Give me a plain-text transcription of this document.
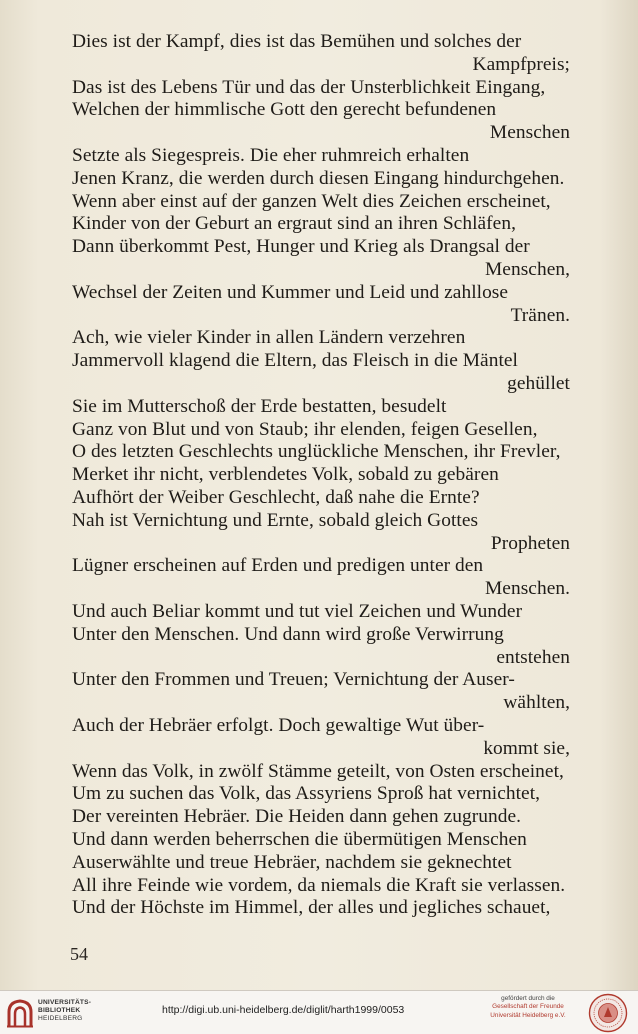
Dies ist der Kampf, dies ist das Bemühen und solches der
Kampfpreis;
Das ist des Lebens Tür und das der Unsterblichkeit Eingang,
Welchen der himmlische Gott den gerecht befundenen
Menschen
Setzte als Siegespreis. Die eher ruhmreich erhalten
Jenen Kranz, die werden durch diesen Eingang hindurchgehen.
Wenn aber einst auf der ganzen Welt dies Zeichen erscheinet,
Kinder von der Geburt an ergraut sind an ihren Schläfen,
Dann überkommt Pest, Hunger und Krieg als Drangsal der
Menschen,
Wechsel der Zeiten und Kummer und Leid und zahllose
Tränen.
Ach, wie vieler Kinder in allen Ländern verzehren
Jammervoll klagend die Eltern, das Fleisch in die Mäntel
gehüllet
Sie im Mutterschoß der Erde bestatten, besudelt
Ganz von Blut und von Staub; ihr elenden, feigen Gesellen,
O des letzten Geschlechts unglückliche Menschen, ihr Frevler,
Merket ihr nicht, verblendetes Volk, sobald zu gebären
Aufhört der Weiber Geschlecht, daß nahe die Ernte?
Nah ist Vernichtung und Ernte, sobald gleich Gottes
Propheten
Lügner erscheinen auf Erden und predigen unter den
Menschen.
Und auch Beliar kommt und tut viel Zeichen und Wunder
Unter den Menschen. Und dann wird große Verwirrung
entstehen
Unter den Frommen und Treuen; Vernichtung der Auser-
wählten,
Auch der Hebräer erfolgt. Doch gewaltige Wut über-
kommt sie,
Wenn das Volk, in zwölf Stämme geteilt, von Osten erscheinet,
Um zu suchen das Volk, das Assyriens Sproß hat vernichtet,
Der vereinten Hebräer. Die Heiden dann gehen zugrunde.
Und dann werden beherrschen die übermütigen Menschen
Auserwählte und treue Hebräer, nachdem sie geknechtet
All ihre Feinde wie vordem, da niemals die Kraft sie verlassen.
Und der Höchste im Himmel, der alles und jegliches schauet,
54
UNIVERSITÄTS-
BIBLIOTHEK
HEIDELBERG
http://digi.ub.uni-heidelberg.de/diglit/harth1999/0053
gefördert durch die
Gesellschaft der Freunde
Universität Heidelberg e.V.
